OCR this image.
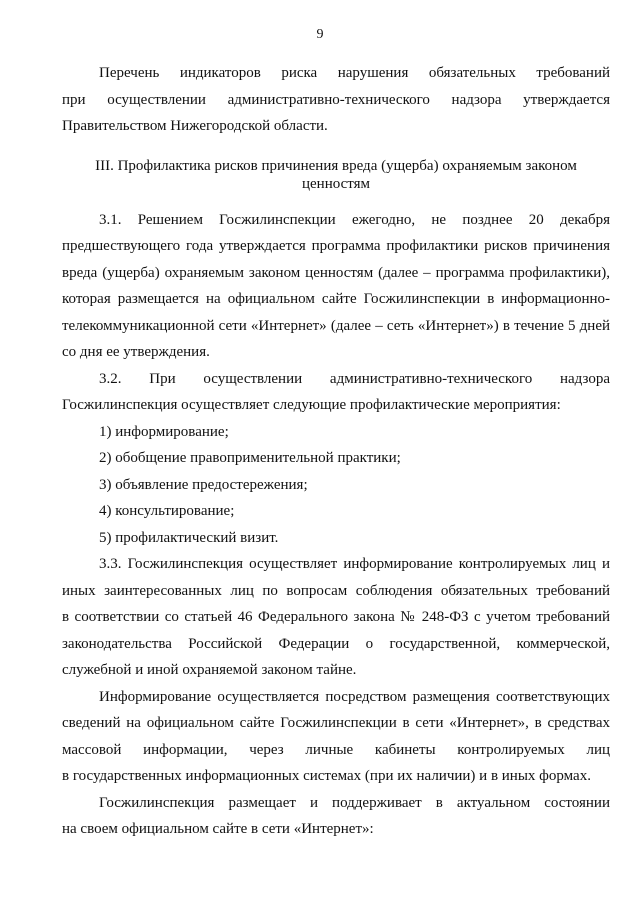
9
Перечень индикаторов риска нарушения обязательных требований
при осуществлении административно-технического надзора утверждается
Правительством Нижегородской области.
III. Профилактика рисков причинения вреда (ущерба) охраняемым законом
ценностям
3.1. Решением Госжилинспекции ежегодно, не позднее 20 декабря
предшествующего года утверждается программа профилактики рисков причинения
вреда (ущерба) охраняемым законом ценностям (далее – программа профилактики),
которая размещается на официальном сайте Госжилинспекции в информационно-
телекоммуникационной сети «Интернет» (далее – сеть «Интернет») в течение 5 дней
со дня ее утверждения.
3.2. При осуществлении административно-технического надзора
Госжилинспекция осуществляет следующие профилактические мероприятия:
1) информирование;
2) обобщение правоприменительной практики;
3) объявление предостережения;
4) консультирование;
5) профилактический визит.
3.3. Госжилинспекция осуществляет информирование контролируемых лиц и
иных заинтересованных лиц по вопросам соблюдения обязательных требований
в соответствии со статьей 46 Федерального закона № 248-ФЗ с учетом требований
законодательства Российской Федерации о государственной, коммерческой,
служебной и иной охраняемой законом тайне.
Информирование осуществляется посредством размещения соответствующих
сведений на официальном сайте Госжилинспекции в сети «Интернет», в средствах
массовой информации, через личные кабинеты контролируемых лиц
в государственных информационных системах (при их наличии) и в иных формах.
Госжилинспекция размещает и поддерживает в актуальном состоянии
на своем официальном сайте в сети «Интернет»:
